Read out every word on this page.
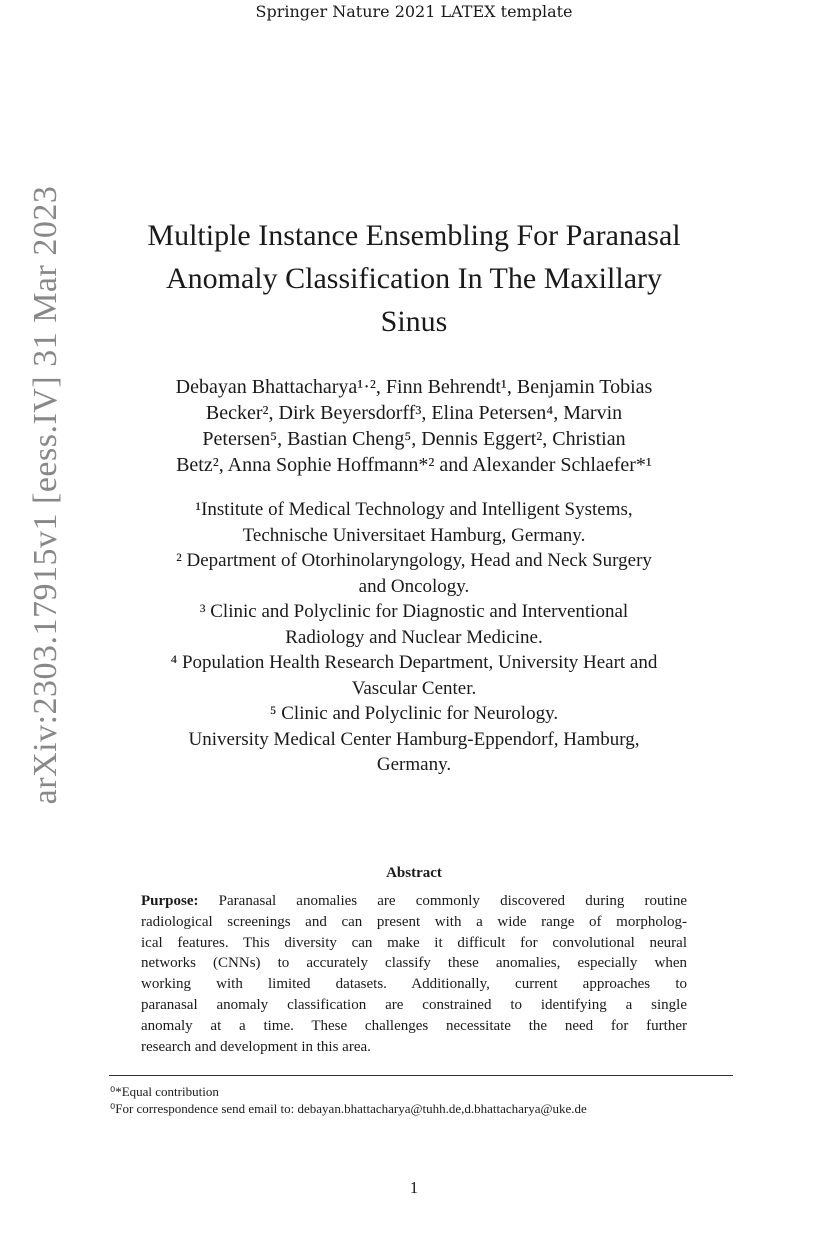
Springer Nature 2021 LATEX template
arXiv:2303.17915v1 [eess.IV] 31 Mar 2023	Multiple Instance Ensembling For Paranasal
Anomaly Classification In The Maxillary
Sinus
Debayan Bhattacharya¹·², Finn Behrendt¹, Benjamin Tobias
Becker², Dirk Beyersdorff³, Elina Petersen⁴, Marvin
Petersen⁵, Bastian Cheng⁵, Dennis Eggert², Christian
Betz², Anna Sophie Hoffmann*² and Alexander Schlaefer*¹
¹Institute of Medical Technology and Intelligent Systems,
Technische Universitaet Hamburg, Germany.
² Department of Otorhinolaryngology, Head and Neck Surgery
and Oncology.
³ Clinic and Polyclinic for Diagnostic and Interventional
Radiology and Nuclear Medicine.
⁴ Population Health Research Department, University Heart and
Vascular Center.
⁵ Clinic and Polyclinic for Neurology.
University Medical Center Hamburg-Eppendorf, Hamburg,
Germany.
Abstract
Purpose: Paranasal anomalies are commonly discovered during routine
radiological screenings and can present with a wide range of morpholog-
ical features. This diversity can make it difficult for convolutional neural
networks (CNNs) to accurately classify these anomalies, especially when
working with limited datasets. Additionally, current approaches to
paranasal anomaly classification are constrained to identifying a single
anomaly at a time. These challenges necessitate the need for further
research and development in this area.
⁰*Equal contribution
⁰For correspondence send email to: debayan.bhattacharya@tuhh.de,d.bhattacharya@uke.de
1
